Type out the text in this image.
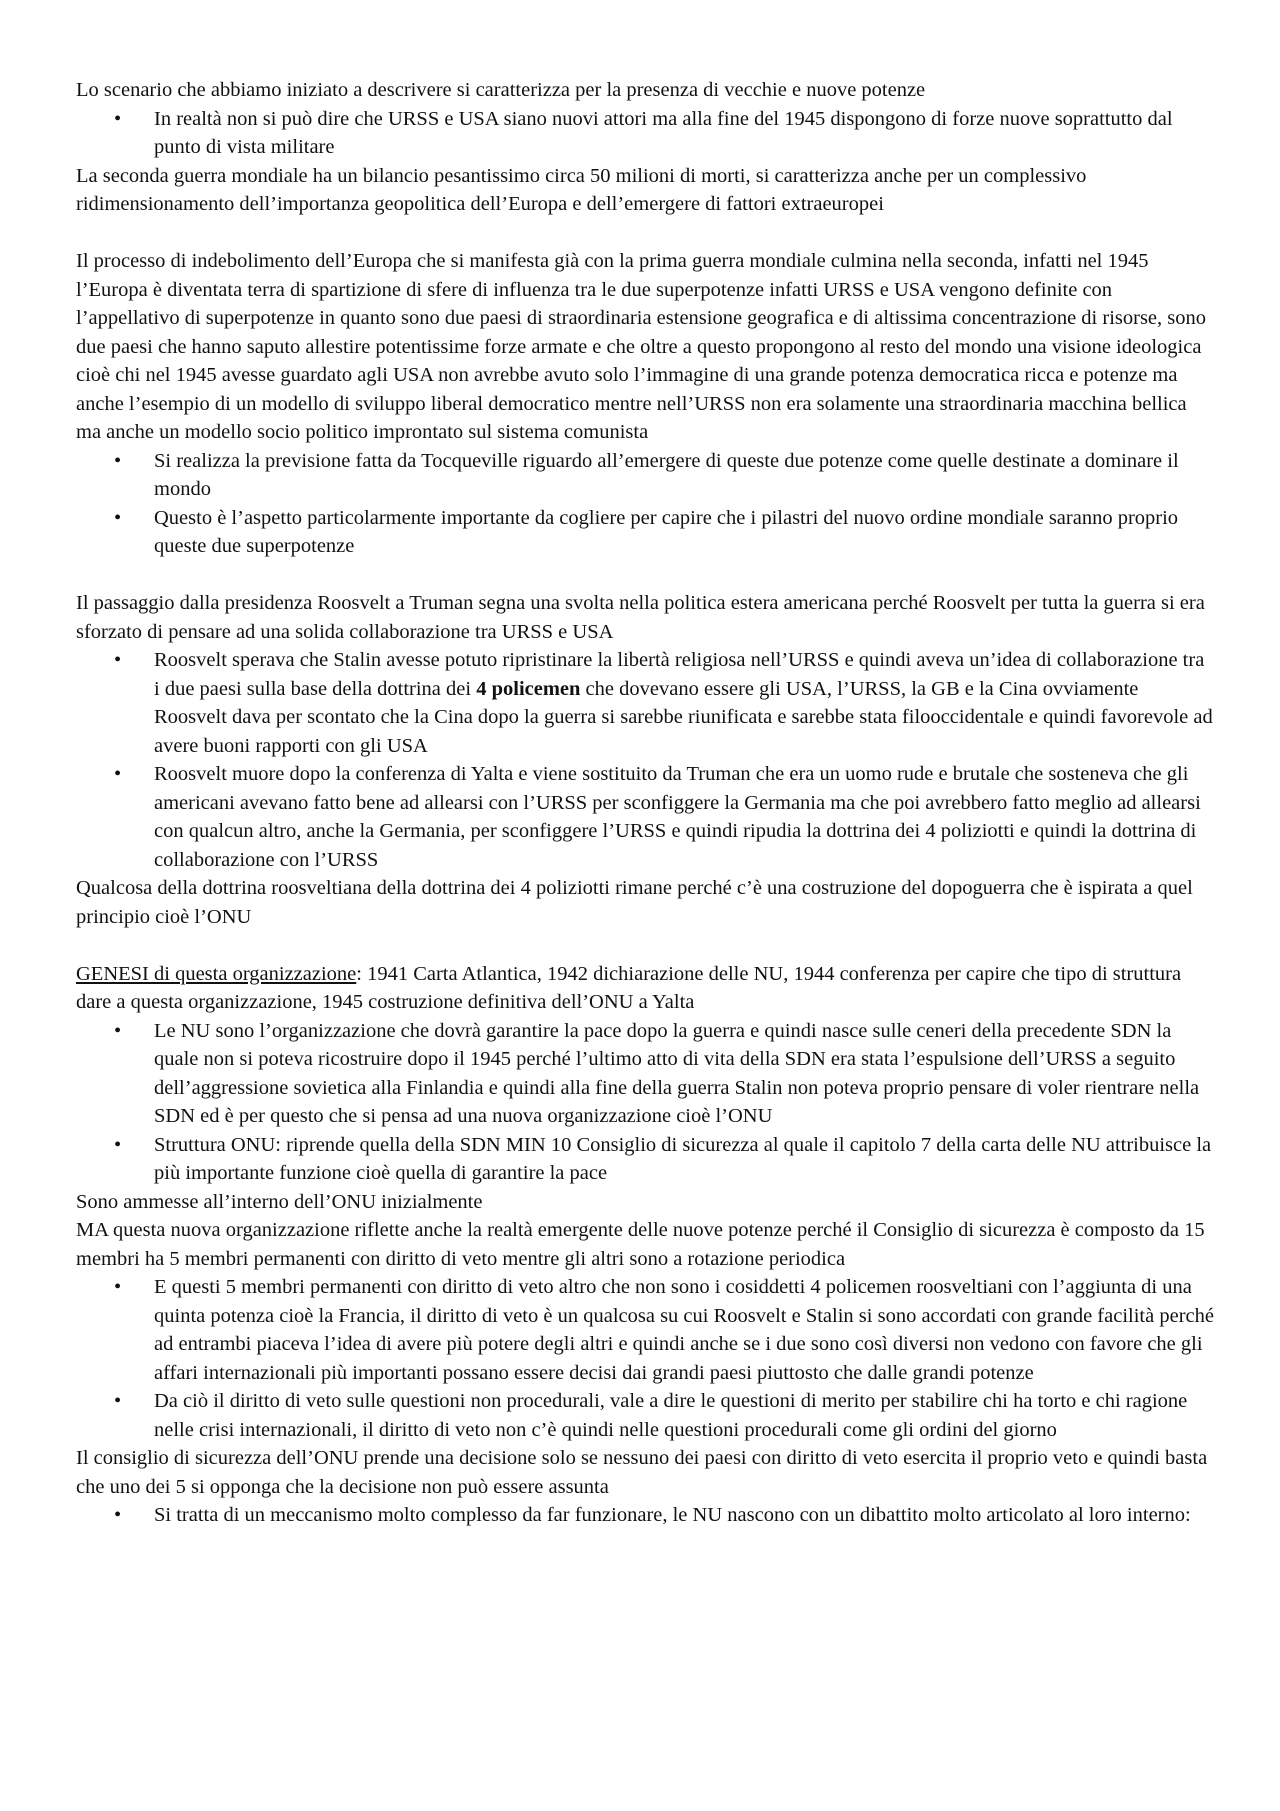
Lo scenario che abbiamo iniziato a descrivere si caratterizza per la presenza di vecchie e nuove potenze

• In realtà non si può dire che URSS e USA siano nuovi attori ma alla fine del 1945 dispongono di forze nuove soprattutto dal punto di vista militare

La seconda guerra mondiale ha un bilancio pesantissimo circa 50 milioni di morti, si caratterizza anche per un complessivo ridimensionamento dell’importanza geopolitica dell’Europa e dell’emergere di fattori extraeuropei

Il processo di indebolimento dell’Europa che si manifesta già con la prima guerra mondiale culmina nella seconda, infatti nel 1945 l’Europa è diventata terra di spartizione di sfere di influenza tra le due superpotenze infatti URSS e USA vengono definite con l’appellativo di superpotenze in quanto sono due paesi di straordinaria estensione geografica e di altissima concentrazione di risorse, sono due paesi che hanno saputo allestire potentissime forze armate e che oltre a questo propongono al resto del mondo una visione ideologica cioè chi nel 1945 avesse guardato agli USA non avrebbe avuto solo l’immagine di una grande potenza democratica ricca e potenze ma anche l’esempio di un modello di sviluppo liberal democratico mentre nell’URSS non era solamente una straordinaria macchina bellica ma anche un modello socio politico improntato sul sistema comunista

• Si realizza la previsione fatta da Tocqueville riguardo all’emergere di queste due potenze come quelle destinate a dominare il mondo
• Questo è l’aspetto particolarmente importante da cogliere per capire che i pilastri del nuovo ordine mondiale saranno proprio queste due superpotenze

Il passaggio dalla presidenza Roosvelt a Truman segna una svolta nella politica estera americana perché Roosvelt per tutta la guerra si era sforzato di pensare ad una solida collaborazione tra URSS e USA

• Roosvelt sperava che Stalin avesse potuto ripristinare la libertà religiosa nell’URSS e quindi aveva un’idea di collaborazione tra i due paesi sulla base della dottrina dei 4 policemen che dovevano essere gli USA, l’URSS, la GB e la Cina ovviamente Roosvelt dava per scontato che la Cina dopo la guerra si sarebbe riunificata e sarebbe stata filooccidentale e quindi favorevole ad avere buoni rapporti con gli USA
• Roosvelt muore dopo la conferenza di Yalta e viene sostituito da Truman che era un uomo rude e brutale che sosteneva che gli americani avevano fatto bene ad allearsi con l’URSS per sconfiggere la Germania ma che poi avrebbero fatto meglio ad allearsi con qualcun altro, anche la Germania, per sconfiggere l’URSS e quindi ripudia la dottrina dei 4 poliziotti e quindi la dottrina di collaborazione con l’URSS

Qualcosa della dottrina roosveltiana della dottrina dei 4 poliziotti rimane perché c’è una costruzione del dopoguerra che è ispirata a quel principio cioè l’ONU

GENESI di questa organizzazione: 1941 Carta Atlantica, 1942 dichiarazione delle NU, 1944 conferenza per capire che tipo di struttura dare a questa organizzazione, 1945 costruzione definitiva dell’ONU a Yalta

• Le NU sono l’organizzazione che dovrà garantire la pace dopo la guerra e quindi nasce sulle ceneri della precedente SDN la quale non si poteva ricostruire dopo il 1945 perché l’ultimo atto di vita della SDN era stata l’espulsione dell’URSS a seguito dell’aggressione sovietica alla Finlandia e quindi alla fine della guerra Stalin non poteva proprio pensare di voler rientrare nella SDN ed è per questo che si pensa ad una nuova organizzazione cioè l’ONU
• Struttura ONU: riprende quella della SDN MIN 10 Consiglio di sicurezza al quale il capitolo 7 della carta delle NU attribuisce la più importante funzione cioè quella di garantire la pace

Sono ammesse all’interno dell’ONU inizialmente

MA questa nuova organizzazione riflette anche la realtà emergente delle nuove potenze perché il Consiglio di sicurezza è composto da 15 membri ha 5 membri permanenti con diritto di veto mentre gli altri sono a rotazione periodica

• E questi 5 membri permanenti con diritto di veto altro che non sono i cosiddetti 4 policemen roosveltiani con l’aggiunta di una quinta potenza cioè la Francia, il diritto di veto è un qualcosa su cui Roosvelt e Stalin si sono accordati con grande facilità perché ad entrambi piaceva l’idea di avere più potere degli altri e quindi anche se i due sono così diversi non vedono con favore che gli affari internazionali più importanti possano essere decisi dai grandi paesi piuttosto che dalle grandi potenze
• Da ciò il diritto di veto sulle questioni non procedurali, vale a dire le questioni di merito per stabilire chi ha torto e chi ragione nelle crisi internazionali, il diritto di veto non c’è quindi nelle questioni procedurali come gli ordini del giorno

Il consiglio di sicurezza dell’ONU prende una decisione solo se nessuno dei paesi con diritto di veto esercita il proprio veto e quindi basta che uno dei 5 si opponga che la decisione non può essere assunta

• Si tratta di un meccanismo molto complesso da far funzionare, le NU nascono con un dibattito molto articolato al loro interno:
